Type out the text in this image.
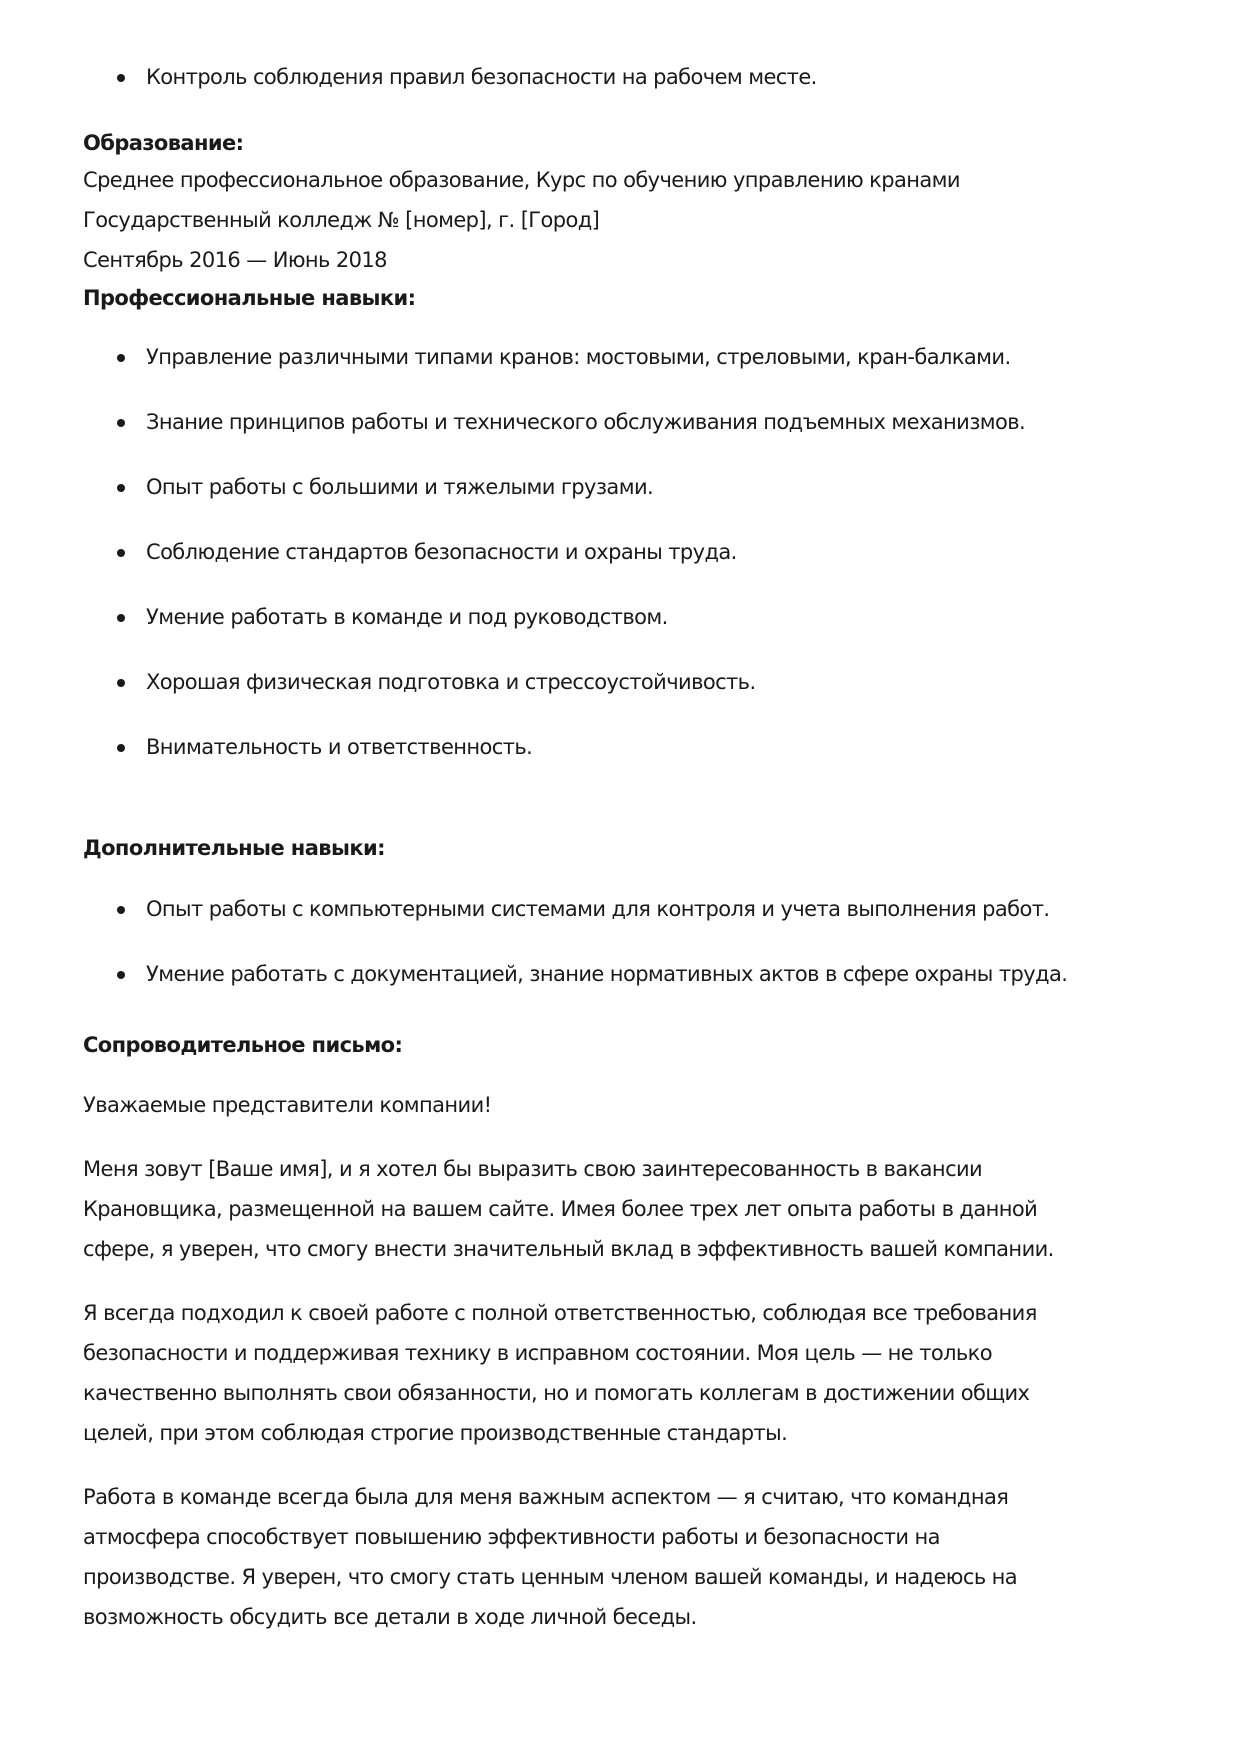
Контроль соблюдения правил безопасности на рабочем месте.
Образование:
Среднее профессиональное образование, Курс по обучению управлению кранами
Государственный колледж № [номер], г. [Город]
Сентябрь 2016 — Июнь 2018
Профессиональные навыки:
Управление различными типами кранов: мостовыми, стреловыми, кран-балками.
Знание принципов работы и технического обслуживания подъемных механизмов.
Опыт работы с большими и тяжелыми грузами.
Соблюдение стандартов безопасности и охраны труда.
Умение работать в команде и под руководством.
Хорошая физическая подготовка и стрессоустойчивость.
Внимательность и ответственность.
Дополнительные навыки:
Опыт работы с компьютерными системами для контроля и учета выполнения работ.
Умение работать с документацией, знание нормативных актов в сфере охраны труда.
Сопроводительное письмо:
Уважаемые представители компании!
Меня зовут [Ваше имя], и я хотел бы выразить свою заинтересованность в вакансии
Крановщика, размещенной на вашем сайте. Имея более трех лет опыта работы в данной
сфере, я уверен, что смогу внести значительный вклад в эффективность вашей компании.
Я всегда подходил к своей работе с полной ответственностью, соблюдая все требования
безопасности и поддерживая технику в исправном состоянии. Моя цель — не только
качественно выполнять свои обязанности, но и помогать коллегам в достижении общих
целей, при этом соблюдая строгие производственные стандарты.
Работа в команде всегда была для меня важным аспектом — я считаю, что командная
атмосфера способствует повышению эффективности работы и безопасности на
производстве. Я уверен, что смогу стать ценным членом вашей команды, и надеюсь на
возможность обсудить все детали в ходе личной беседы.
